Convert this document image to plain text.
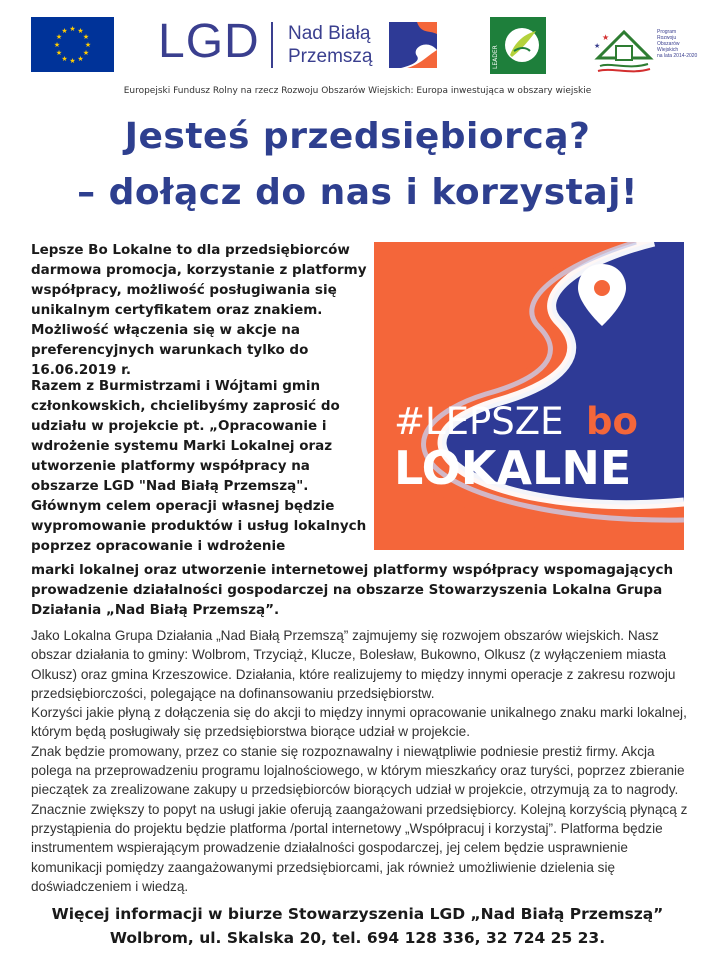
★ ★
★
★
★
★
★
★
★
★
★
★ LGD Nad Białą
Przemszą	LEADER
★
★
Program
Rozwoju
Obszarów
Wiejskich
na lata 2014-2020
Europejski Fundusz Rolny na rzecz Rozwoju Obszarów Wiejskich: Europa inwestująca w obszary wiejskie
Jesteś przedsiębiorcą?
– dołącz do nas i korzystaj!
Lepsze Bo Lokalne to dla przedsiębiorców darmowa promocja, korzystanie z platformy współpracy, możliwość posługiwania się unikalnym certyfikatem oraz znakiem. Możliwość włączenia się w akcje na preferencyjnych warunkach tylko do 16.06.2019 r.
Razem z Burmistrzami i Wójtami gmin członkowskich, chcielibyśmy zaprosić do udziału w projekcie pt. „Opracowanie i wdrożenie systemu Marki Lokalnej oraz utworzenie platformy współpracy na obszarze LGD "Nad Białą Przemszą". Głównym celem operacji własnej będzie wypromowanie produktów i usług lokalnych poprzez opracowanie i wdrożenie
marki lokalnej oraz utworzenie internetowej platformy współpracy wspomagających prowadzenie działalności gospodarczej na obszarze Stowarzyszenia Lokalna Grupa Działania „Nad Białą Przemszą”.
#LEPSZE bo
LOKALNE

Jako Lokalna Grupa Działania „Nad Białą Przemszą” zajmujemy się rozwojem obszarów wiejskich. Nasz obszar działania to gminy: Wolbrom, Trzyciąż, Klucze, Bolesław, Bukowno, Olkusz (z wyłączeniem miasta Olkusz) oraz gmina Krzeszowice. Działania, które realizujemy to między innymi operacje z zakresu rozwoju przedsiębiorczości, polegające na dofinansowaniu przedsiębiorstw.

Korzyści jakie płyną z dołączenia się do akcji to między innymi opracowanie unikalnego znaku marki lokalnej, którym będą posługiwały się przedsiębiorstwa biorące udział w projekcie.

Znak będzie promowany, przez co stanie się rozpoznawalny i niewątpliwie podniesie prestiż firmy. Akcja polega na przeprowadzeniu programu lojalnościowego, w którym mieszkańcy oraz turyści, poprzez zbieranie pieczątek za zrealizowane zakupy u przedsiębiorców biorących udział w projekcie, otrzymują za to nagrody. Znacznie zwiększy to popyt na usługi jakie oferują zaangażowani przedsiębiorcy. Kolejną korzyścią płynącą z przystąpienia do projektu będzie platforma /portal internetowy „Współpracuj i korzystaj”. Platforma będzie instrumentem wspierającym prowadzenie działalności gospodarczej, jej celem będzie usprawnienie komunikacji pomiędzy zaangażowanymi przedsiębiorcami, jak również umożliwienie dzielenia się doświadczeniem i wiedzą.

Więcej informacji w biurze Stowarzyszenia LGD „Nad Białą Przemszą”
Wolbrom, ul. Skalska 20, tel. 694 128 336, 32 724 25 23.
